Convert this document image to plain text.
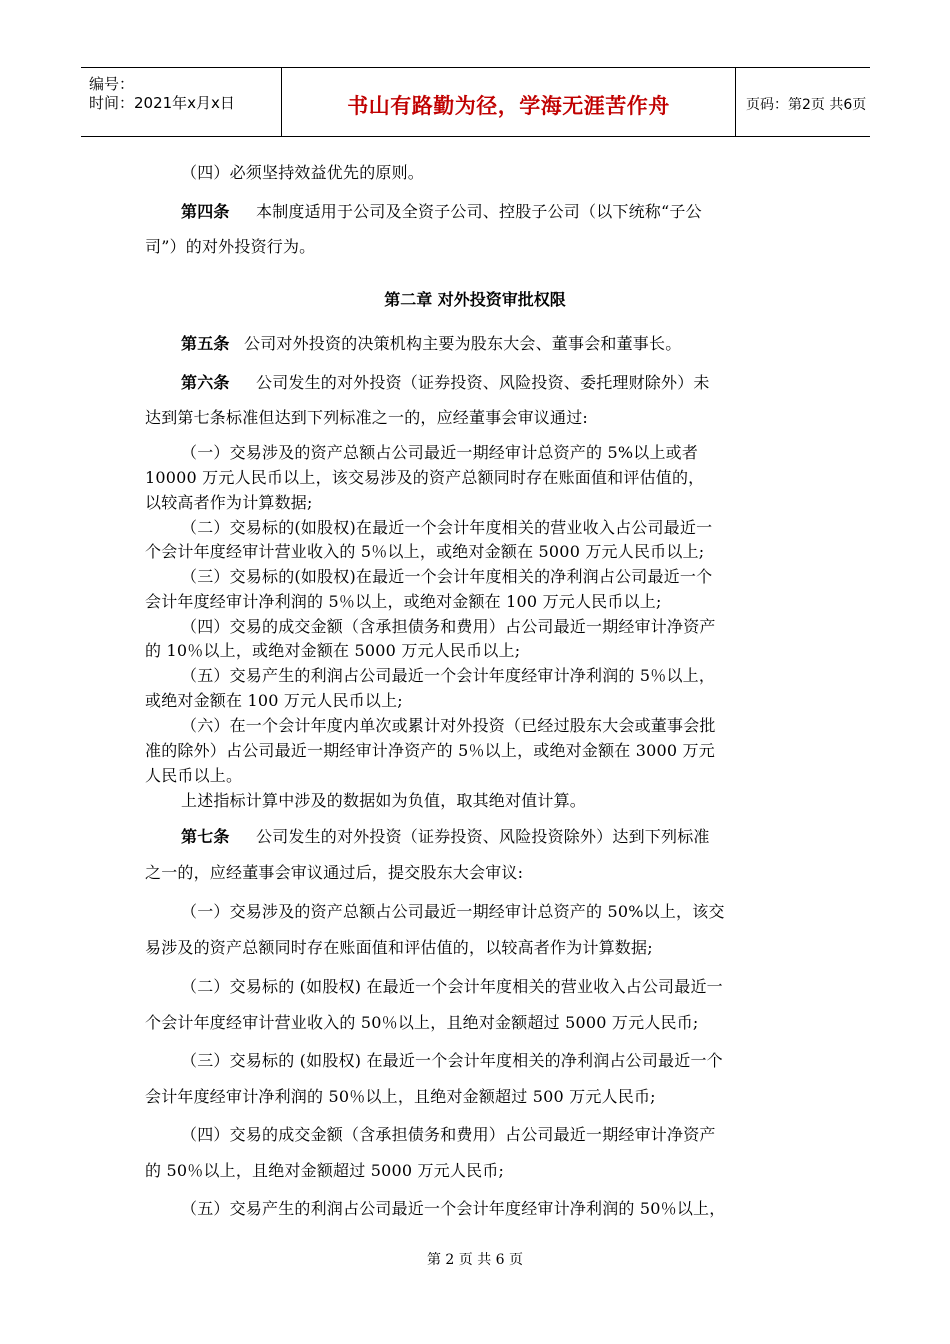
编号：
时间：2021年x月x日	书山有路勤为径，学海无涯苦作舟	页码：第2页 共6页
（四）必须坚持效益优先的原则。
第四条 本制度适用于公司及全资子公司、控股子公司（以下统称“子公
司”）的对外投资行为。
第二章 对外投资审批权限
第五条 公司对外投资的决策机构主要为股东大会、董事会和董事长。
第六条 公司发生的对外投资（证券投资、风险投资、委托理财除外）未
达到第七条标准但达到下列标准之一的，应经董事会审议通过:
（一）交易涉及的资产总额占公司最近一期经审计总资产的 5%以上或者
10000 万元人民币以上，该交易涉及的资产总额同时存在账面值和评估值的，
以较高者作为计算数据;
（二）交易标的(如股权)在最近一个会计年度相关的营业收入占公司最近一
个会计年度经审计营业收入的 5％以上，或绝对金额在 5000 万元人民币以上;
（三）交易标的(如股权)在最近一个会计年度相关的净利润占公司最近一个
会计年度经审计净利润的 5％以上，或绝对金额在 100 万元人民币以上;
（四）交易的成交金额（含承担债务和费用）占公司最近一期经审计净资产
的 10％以上，或绝对金额在 5000 万元人民币以上;
（五）交易产生的利润占公司最近一个会计年度经审计净利润的 5％以上，
或绝对金额在 100 万元人民币以上;
（六）在一个会计年度内单次或累计对外投资（已经过股东大会或董事会批
准的除外）占公司最近一期经审计净资产的 5％以上，或绝对金额在 3000 万元
人民币以上。
上述指标计算中涉及的数据如为负值，取其绝对值计算。
第七条 公司发生的对外投资（证券投资、风险投资除外）达到下列标准
之一的，应经董事会审议通过后，提交股东大会审议:
（一）交易涉及的资产总额占公司最近一期经审计总资产的 50%以上，该交
易涉及的资产总额同时存在账面值和评估值的，以较高者作为计算数据;
（二）交易标的 (如股权) 在最近一个会计年度相关的营业收入占公司最近一
个会计年度经审计营业收入的 50％以上，且绝对金额超过 5000 万元人民币;
（三）交易标的 (如股权) 在最近一个会计年度相关的净利润占公司最近一个
会计年度经审计净利润的 50％以上，且绝对金额超过 500 万元人民币;
（四）交易的成交金额（含承担债务和费用）占公司最近一期经审计净资产
的 50％以上，且绝对金额超过 5000 万元人民币;
（五）交易产生的利润占公司最近一个会计年度经审计净利润的 50％以上，
第 2 页 共 6 页
